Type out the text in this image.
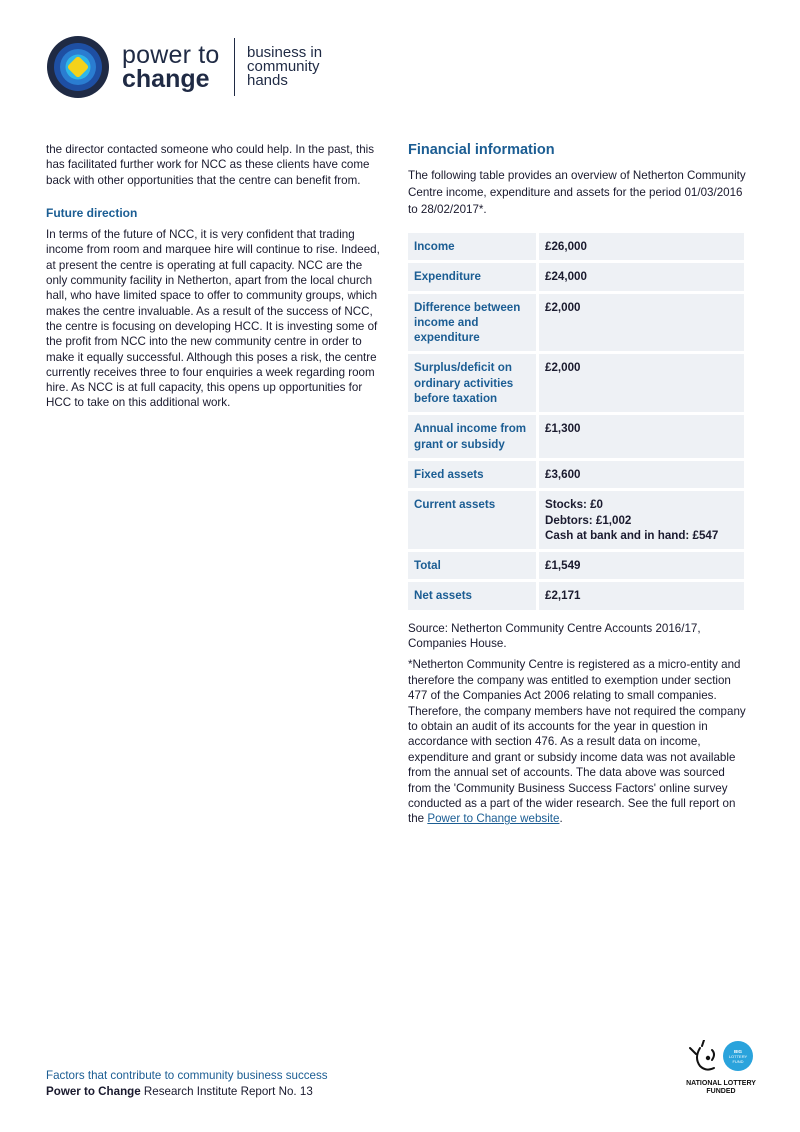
power to
change
business in
community
hands

the director contacted someone who could help. In the past, this has facilitated further work for NCC as these clients have come back with other opportunities that the centre can benefit from.

Future direction

In terms of the future of NCC, it is very confident that trading income from room and marquee hire will continue to rise. Indeed, at present the centre is operating at full capacity. NCC are the only community facility in Netherton, apart from the local church hall, who have limited space to offer to community groups, which makes the centre invaluable. As a result of the success of NCC, the centre is focusing on developing HCC. It is investing some of the profit from NCC into the new community centre in order to make it equally successful. Although this poses a risk, the centre currently receives three to four enquiries a week regarding room hire. As NCC is at full capacity, this opens up opportunities for HCC to take on this additional work.

Financial information

The following table provides an overview of Netherton Community Centre income, expenditure and assets for the period 01/03/2016 to 28/02/2017*.

Income	£26,000
Expenditure	£24,000
Difference between income and expenditure	£2,000
Surplus/deficit on ordinary activities before taxation	£2,000
Annual income from grant or subsidy	£1,300
Fixed assets	£3,600
Current assets	Stocks: £0
Debtors: £1,002
Cash at bank and in hand: £547

Total	£1,549
Net assets	£2,171

Source: Netherton Community Centre Accounts 2016/17, Companies House.

*Netherton Community Centre is registered as a micro-entity and therefore the company was entitled to exemption under section 477 of the Companies Act 2006 relating to small companies. Therefore, the company members have not required the company to obtain an audit of its accounts for the year in question in accordance with section 476. As a result data on income, expenditure and grant or subsidy income data was not available from the annual set of accounts. The data above was sourced from the 'Community Business Success Factors' online survey conducted as a part of the wider research. See the full report on the Power to Change website.

Factors that contribute to community business success
Power to Change Research Institute Report No. 13
BIG
LOTTERY
FUND
NATIONAL LOTTERY FUNDED
